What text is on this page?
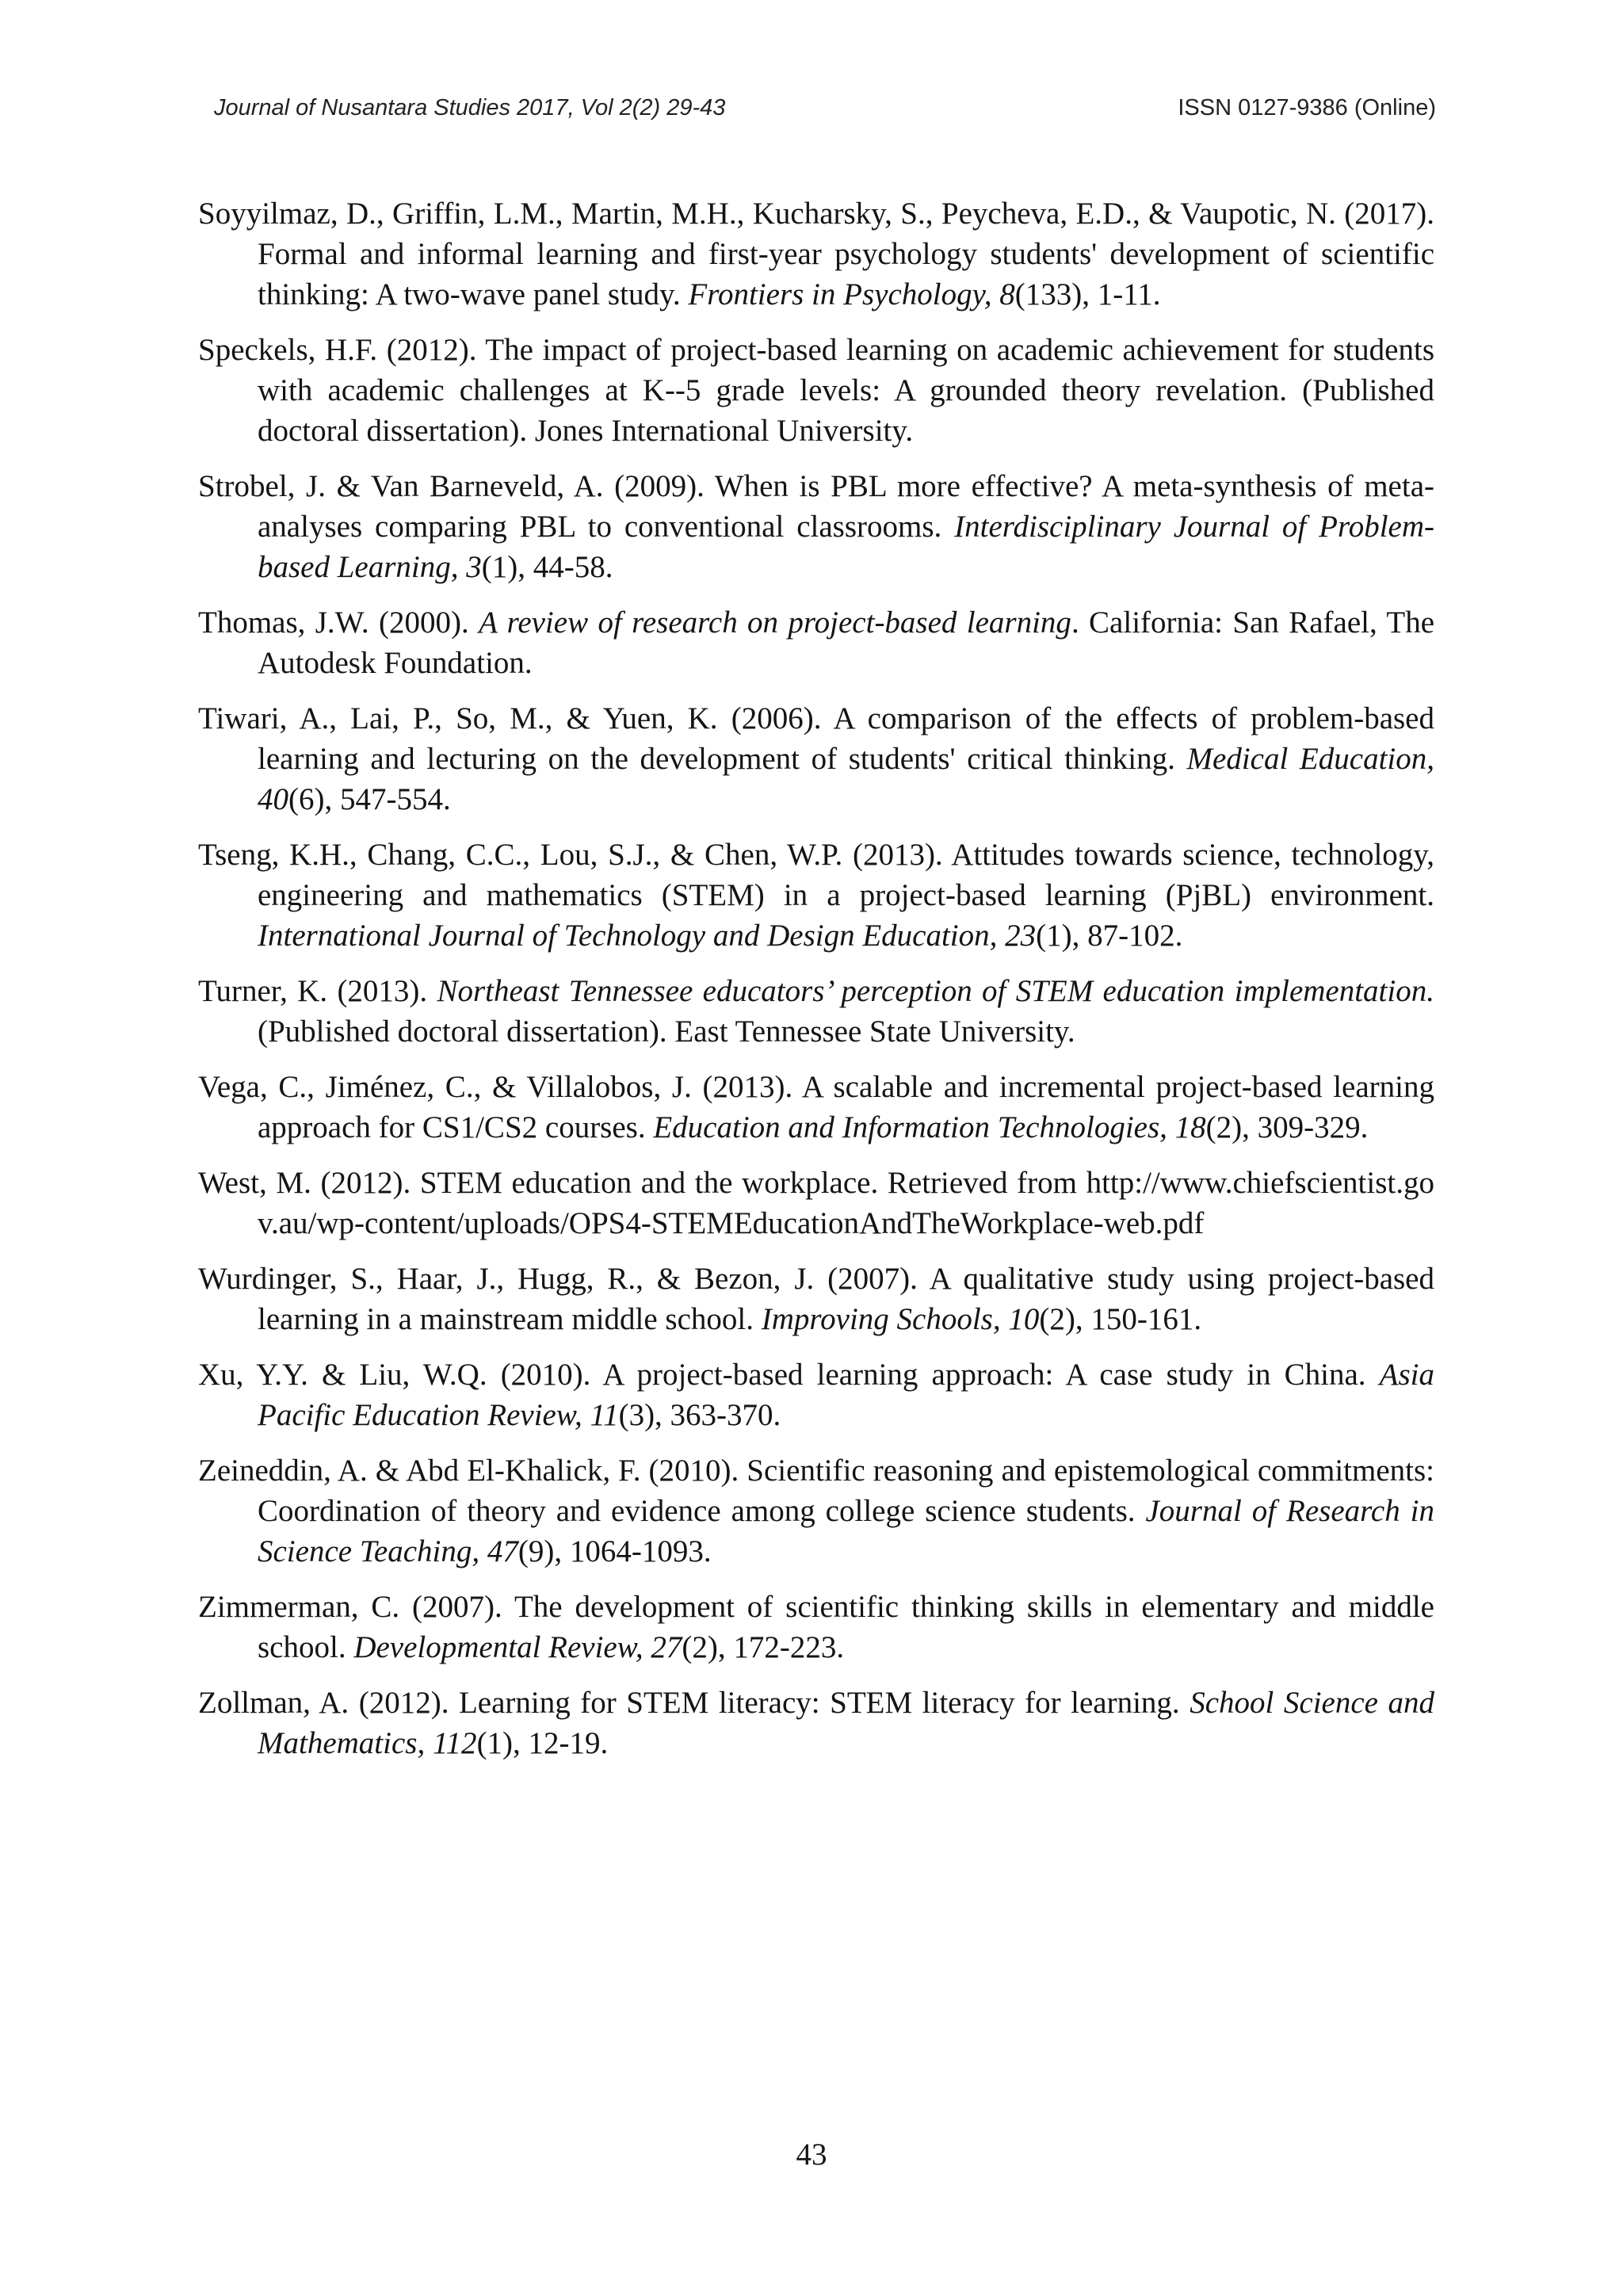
Journal of Nusantara Studies 2017, Vol 2(2) 29-43	ISSN 0127-9386 (Online)

Soyyilmaz, D., Griffin, L.M., Martin, M.H., Kucharsky, S., Peycheva, E.D., & Vaupotic, N. (2017). Formal and informal learning and first-year psychology students' development of scientific thinking: A two-wave panel study. Frontiers in Psychology, 8(133), 1-11.

Speckels, H.F. (2012). The impact of project-based learning on academic achievement for students with academic challenges at K--5 grade levels: A grounded theory revelation. (Published doctoral dissertation). Jones International University.

Strobel, J. & Van Barneveld, A. (2009). When is PBL more effective? A meta-synthesis of meta-analyses comparing PBL to conventional classrooms. Interdisciplinary Journal of Problem-based Learning, 3(1), 44-58.

Thomas, J.W. (2000). A review of research on project-based learning. California: San Rafael, The Autodesk Foundation.

Tiwari, A., Lai, P., So, M., & Yuen, K. (2006). A comparison of the effects of problem-based learning and lecturing on the development of students' critical thinking. Medical Education, 40(6), 547-554.

Tseng, K.H., Chang, C.C., Lou, S.J., & Chen, W.P. (2013). Attitudes towards science, technology, engineering and mathematics (STEM) in a project-based learning (PjBL) environment. International Journal of Technology and Design Education, 23(1), 87-102.

Turner, K. (2013). Northeast Tennessee educators’ perception of STEM education implementation. (Published doctoral dissertation). East Tennessee State University.

Vega, C., Jiménez, C., & Villalobos, J. (2013). A scalable and incremental project-based learning approach for CS1/CS2 courses. Education and Information Technologies, 18(2), 309-329.

West, M. (2012). STEM education and the workplace. Retrieved from http://www.chiefscientist.gov.au/wp-content/uploads/OPS4-STEMEducationAndTheWorkplace-web.pdf

Wurdinger, S., Haar, J., Hugg, R., & Bezon, J. (2007). A qualitative study using project-based learning in a mainstream middle school. Improving Schools, 10(2), 150-161.

Xu, Y.Y. & Liu, W.Q. (2010). A project-based learning approach: A case study in China. Asia Pacific Education Review, 11(3), 363-370.

Zeineddin, A. & Abd El-Khalick, F. (2010). Scientific reasoning and epistemological commitments: Coordination of theory and evidence among college science students. Journal of Research in Science Teaching, 47(9), 1064-1093.

Zimmerman, C. (2007). The development of scientific thinking skills in elementary and middle school. Developmental Review, 27(2), 172-223.

Zollman, A. (2012). Learning for STEM literacy: STEM literacy for learning. School Science and Mathematics, 112(1), 12-19.

43
